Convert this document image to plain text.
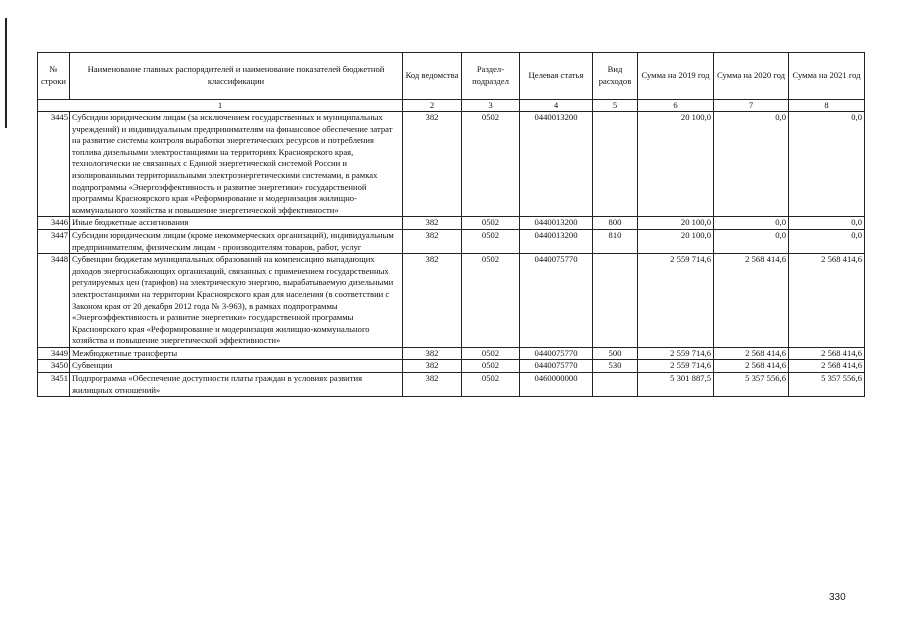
№ строки	Наименование главных распорядителей и наименование показателей бюджетной классификации	Код ведомства	Раздел-подраздел	Целевая статья	Вид расходов	Сумма на 2019 год	Сумма на 2020 год	Сумма на 2021 год
1		2	3	4	5	6	7	8
3445	Субсидии юридическим лицам (за исключением государственных и муниципальных учреждений) и индивидуальным предпринимателям на финансовое обеспечение затрат на развитие системы контроля выработки энергетических ресурсов и потребления топлива дизельными электростанциями на территориях Красноярского края, технологически не связанных с Единой энергетической системой России и изолированными территориальными электроэнергетическими системами, в рамках подпрограммы «Энергоэффективность и развитие энергетики» государственной программы Красноярского края «Реформирование и модернизация жилищно-коммунального хозяйства и повышение энергетической эффективности»	382	0502	0440013200		20 100,0	0,0	0,0
3446	Иные бюджетные ассигнования	382	0502	0440013200	800	20 100,0	0,0	0,0
3447	Субсидии юридическим лицам (кроме некоммерческих организаций), индивидуальным предпринимателям, физическим лицам - производителям товаров, работ, услуг	382	0502	0440013200	810	20 100,0	0,0	0,0
3448	Субвенции бюджетам муниципальных образований на компенсацию выпадающих доходов энергоснабжающих организаций, связанных с применением государственных регулируемых цен (тарифов) на электрическую энергию, вырабатываемую дизельными электростанциями на территории Красноярского края для населения (в соответствии с Законом края от 20 декабря 2012 года № 3-963), в рамках подпрограммы «Энергоэффективность и развитие энергетики» государственной программы Красноярского края «Реформирование и модернизация жилищно-коммунального хозяйства и повышение энергетической эффективности»	382	0502	0440075770		2 559 714,6	2 568 414,6	2 568 414,6
3449	Межбюджетные трансферты	382	0502	0440075770	500	2 559 714,6	2 568 414,6	2 568 414,6
3450	Субвенции	382	0502	0440075770	530	2 559 714,6	2 568 414,6	2 568 414,6
3451	Подпрограмма «Обеспечение доступности платы граждан в условиях развития жилищных отношений»	382	0502	0460000000		5 301 887,5	5 357 556,6	5 357 556,6
330
